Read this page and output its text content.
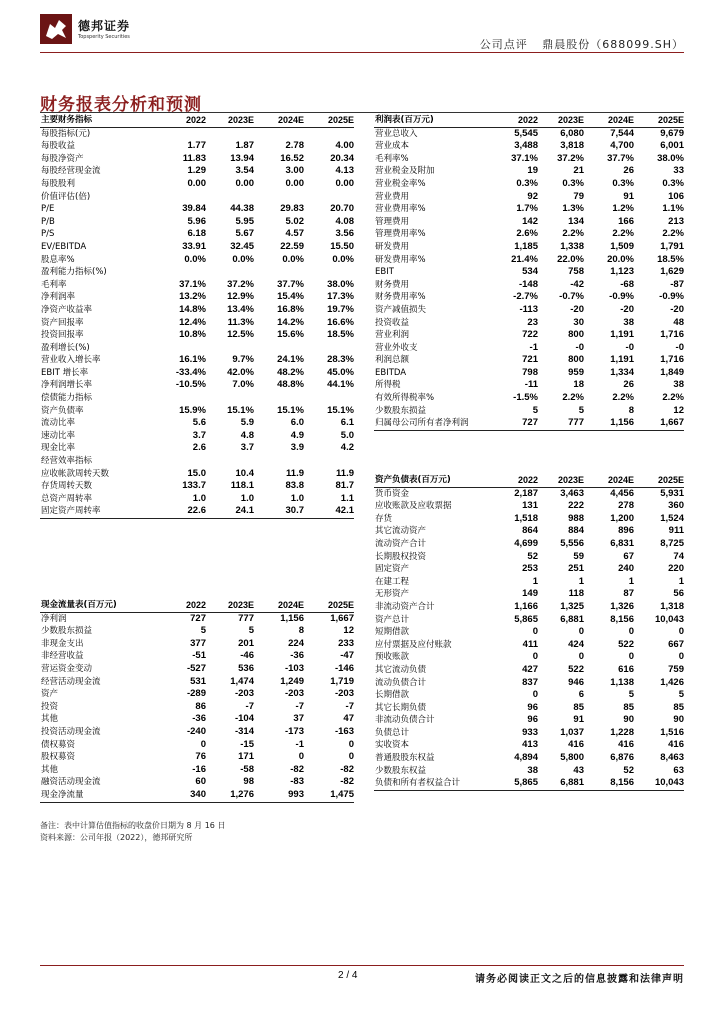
德邦证券
Topsperity Securities
公司点评 鼎晨股份（688099.SH）
财务报表分析和预测
主要财务指标	2022	2023E	2024E	2025E
每股指标(元)				
每股收益	1.77	1.87	2.78	4.00
每股净资产	11.83	13.94	16.52	20.34
每股经营现金流	1.29	3.54	3.00	4.13
每股股利	0.00	0.00	0.00	0.00
价值评估(倍)				
P/E	39.84	44.38	29.83	20.70
P/B	5.96	5.95	5.02	4.08
P/S	6.18	5.67	4.57	3.56
EV/EBITDA	33.91	32.45	22.59	15.50
股息率%	0.0%	0.0%	0.0%	0.0%
盈利能力指标(%)				
毛利率	37.1%	37.2%	37.7%	38.0%
净利润率	13.2%	12.9%	15.4%	17.3%
净资产收益率	14.8%	13.4%	16.8%	19.7%
资产回报率	12.4%	11.3%	14.2%	16.6%
投资回报率	10.8%	12.5%	15.6%	18.5%
盈利增长(%)				
营业收入增长率	16.1%	9.7%	24.1%	28.3%
EBIT 增长率	-33.4%	42.0%	48.2%	45.0%
净利润增长率	-10.5%	7.0%	48.8%	44.1%
偿债能力指标				
资产负债率	15.9%	15.1%	15.1%	15.1%
流动比率	5.6	5.9	6.0	6.1
速动比率	3.7	4.8	4.9	5.0
现金比率	2.6	3.7	3.9	4.2
经营效率指标				
应收帐款周转天数	15.0	10.4	11.9	11.9
存货周转天数	133.7	118.1	83.8	81.7
总资产周转率	1.0	1.0	1.0	1.1
固定资产周转率	22.6	24.1	30.7	42.1
现金流量表(百万元)	2022	2023E	2024E	2025E
净利润	727	777	1,156	1,667
少数股东损益	5	5	8	12
非现金支出	377	201	224	233
非经营收益	-51	-46	-36	-47
营运资金变动	-527	536	-103	-146
经营活动现金流	531	1,474	1,249	1,719
资产	-289	-203	-203	-203
投资	86	-7	-7	-7
其他	-36	-104	37	47
投资活动现金流	-240	-314	-173	-163
债权募资	0	-15	-1	0
股权募资	76	171	0	0
其他	-16	-58	-82	-82
融资活动现金流	60	98	-83	-82
现金净流量	340	1,276	993	1,475
利润表(百万元)	2022	2023E	2024E	2025E
营业总收入	5,545	6,080	7,544	9,679
营业成本	3,488	3,818	4,700	6,001
毛利率%	37.1%	37.2%	37.7%	38.0%
营业税金及附加	19	21	26	33
营业税金率%	0.3%	0.3%	0.3%	0.3%
营业费用	92	79	91	106
营业费用率%	1.7%	1.3%	1.2%	1.1%
管理费用	142	134	166	213
管理费用率%	2.6%	2.2%	2.2%	2.2%
研发费用	1,185	1,338	1,509	1,791
研发费用率%	21.4%	22.0%	20.0%	18.5%
EBIT	534	758	1,123	1,629
财务费用	-148	-42	-68	-87
财务费用率%	-2.7%	-0.7%	-0.9%	-0.9%
资产减值损失	-113	-20	-20	-20
投资收益	23	30	38	48
营业利润	722	800	1,191	1,716
营业外收支	-1	-0	-0	-0
利润总额	721	800	1,191	1,716
EBITDA	798	959	1,334	1,849
所得税	-11	18	26	38
有效所得税率%	-1.5%	2.2%	2.2%	2.2%
少数股东损益	5	5	8	12
归属母公司所有者净利润	727	777	1,156	1,667
资产负债表(百万元)	2022	2023E	2024E	2025E
货币资金	2,187	3,463	4,456	5,931
应收账款及应收票据	131	222	278	360
存货	1,518	988	1,200	1,524
其它流动资产	864	884	896	911
流动资产合计	4,699	5,556	6,831	8,725
长期股权投资	52	59	67	74
固定资产	253	251	240	220
在建工程	1	1	1	1
无形资产	149	118	87	56
非流动资产合计	1,166	1,325	1,326	1,318
资产总计	5,865	6,881	8,156	10,043
短期借款	0	0	0	0
应付票据及应付账款	411	424	522	667
预收账款	0	0	0	0
其它流动负债	427	522	616	759
流动负债合计	837	946	1,138	1,426
长期借款	0	6	5	5
其它长期负债	96	85	85	85
非流动负债合计	96	91	90	90
负债总计	933	1,037	1,228	1,516
实收资本	413	416	416	416
普通股股东权益	4,894	5,800	6,876	8,463
少数股东权益	38	43	52	63
负债和所有者权益合计	5,865	6,881	8,156	10,043
备注：表中计算估值指标的收盘价日期为 8 月 16 日
资料来源：公司年报（2022），德邦研究所
2 / 4	请务必阅读正文之后的信息披露和法律声明
